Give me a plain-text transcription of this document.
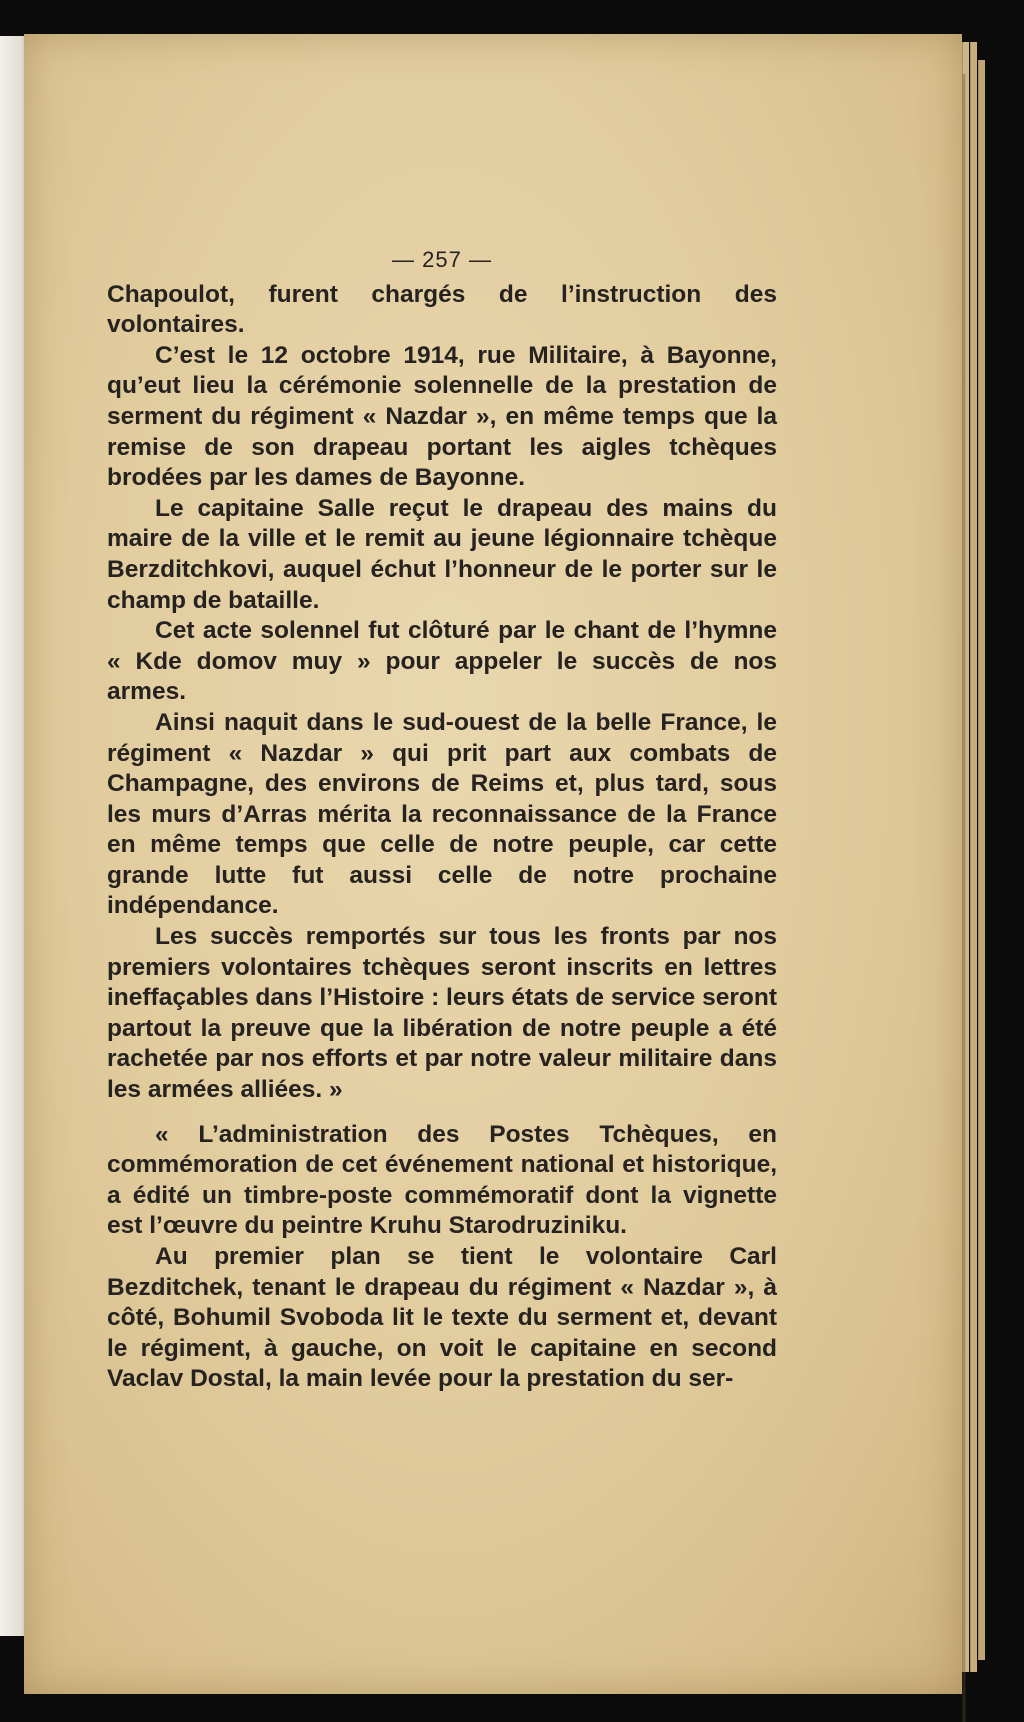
— 257 —

Chapoulot, furent chargés de l’instruction des volontaires.

C’est le 12 octobre 1914, rue Militaire, à Bayonne, qu’eut lieu la cérémonie solennelle de la prestation de serment du régiment « Nazdar », en même temps que la remise de son drapeau portant les aigles tchèques brodées par les dames de Bayonne.

Le capitaine Salle reçut le drapeau des mains du maire de la ville et le remit au jeune légionnaire tchèque Berzditchkovi, auquel échut l’honneur de le porter sur le champ de bataille.

Cet acte solennel fut clôturé par le chant de l’hymne « Kde domov muy » pour appeler le succès de nos armes.

Ainsi naquit dans le sud-ouest de la belle France, le régiment « Nazdar » qui prit part aux combats de Champagne, des environs de Reims et, plus tard, sous les murs d’Arras mérita la reconnaissance de la France en même temps que celle de notre peuple, car cette grande lutte fut aussi celle de notre prochaine indépendance.

Les succès remportés sur tous les fronts par nos premiers volontaires tchèques seront inscrits en lettres ineffaçables dans l’Histoire : leurs états de service seront partout la preuve que la libération de notre peuple a été rachetée par nos efforts et par notre valeur militaire dans les armées alliées. »

« L’administration des Postes Tchèques, en commémoration de cet événement national et historique, a édité un timbre-poste commémoratif dont la vignette est l’œuvre du peintre Kruhu Starodruziniku.

Au premier plan se tient le volontaire Carl Bezditchek, tenant le drapeau du régiment « Nazdar », à côté, Bohumil Svoboda lit le texte du serment et, devant le régiment, à gauche, on voit le capitaine en second Vaclav Dostal, la main levée pour la prestation du ser-
